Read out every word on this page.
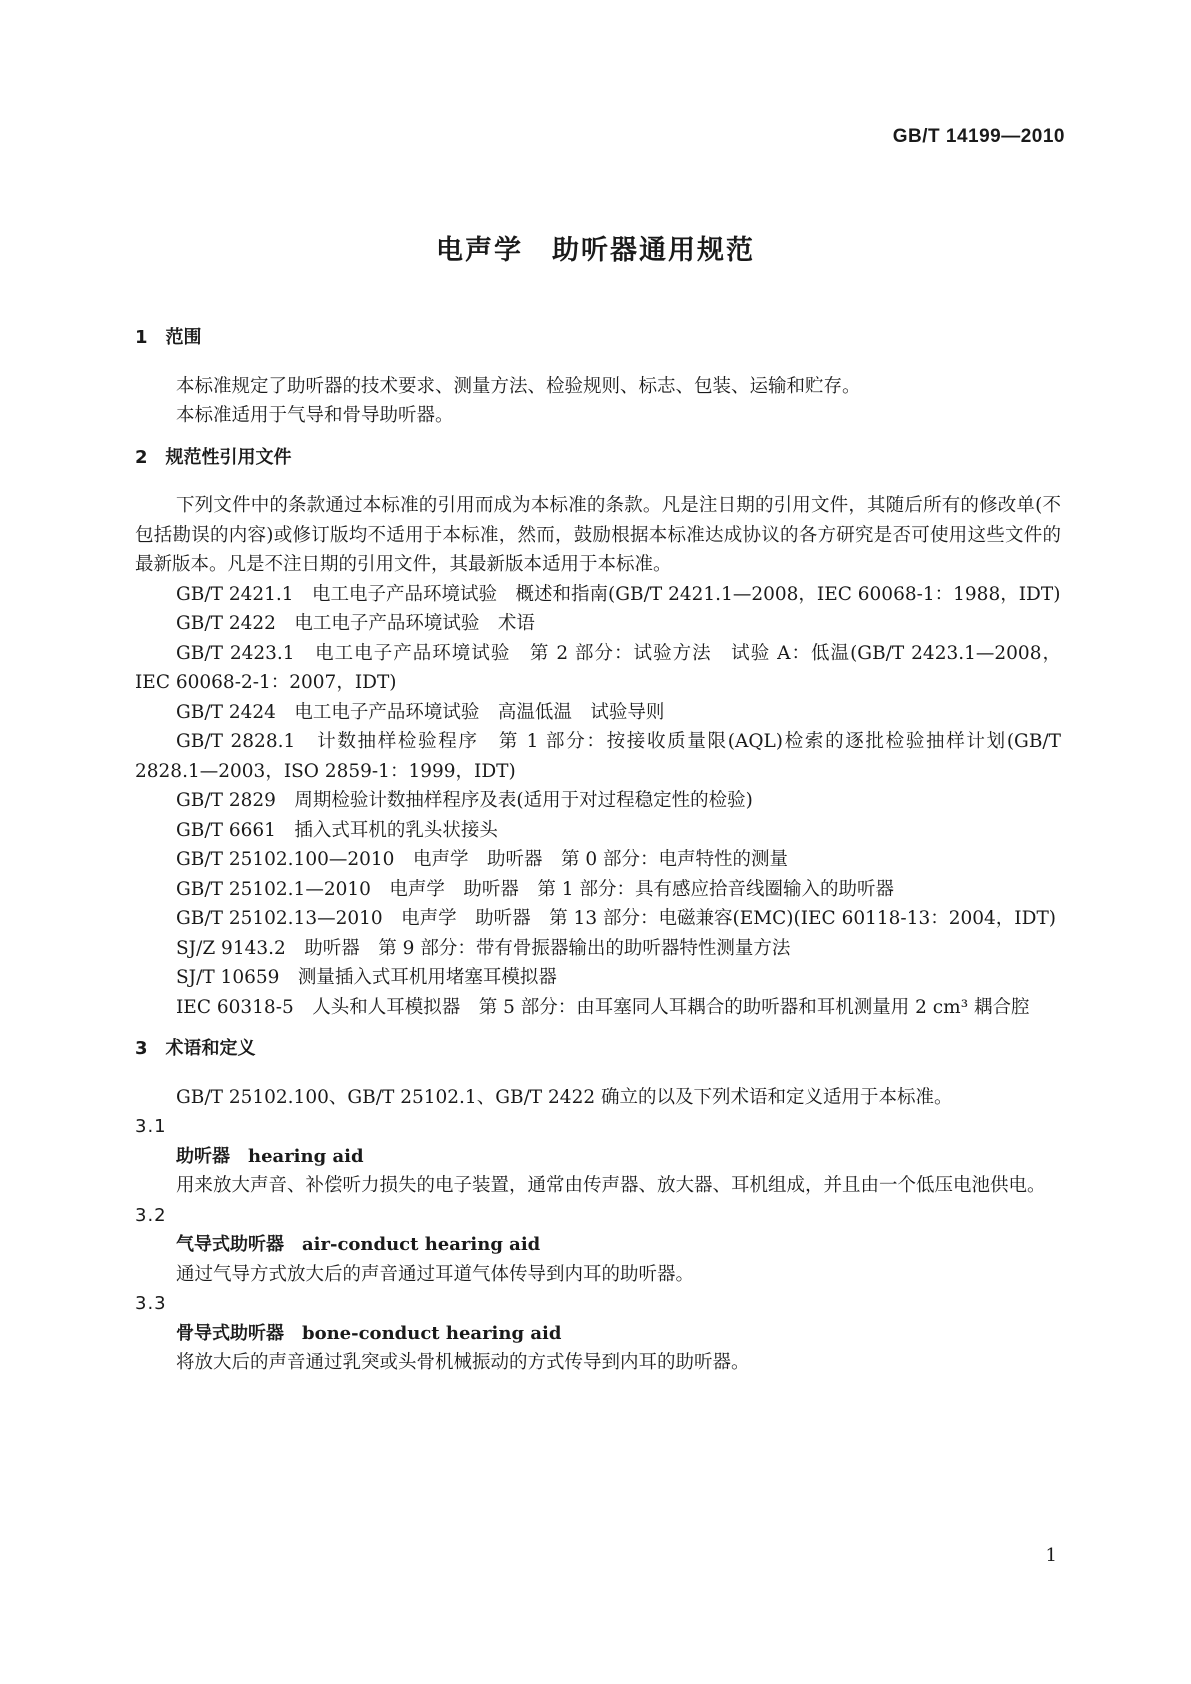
GB/T 14199—2010
电声学　助听器通用规范
1　范围
本标准规定了助听器的技术要求、测量方法、检验规则、标志、包装、运输和贮存。
本标准适用于气导和骨导助听器。
2　规范性引用文件
下列文件中的条款通过本标准的引用而成为本标准的条款。凡是注日期的引用文件，其随后所有的修改单(不包括勘误的内容)或修订版均不适用于本标准，然而，鼓励根据本标准达成协议的各方研究是否可使用这些文件的最新版本。凡是不注日期的引用文件，其最新版本适用于本标准。
GB/T 2421.1　电工电子产品环境试验　概述和指南(GB/T 2421.1—2008，IEC 60068-1：1988，IDT)
GB/T 2422　电工电子产品环境试验　术语
GB/T 2423.1　电工电子产品环境试验　第 2 部分：试验方法　试验 A：低温(GB/T 2423.1—2008，IEC 60068-2-1：2007，IDT)
GB/T 2424　电工电子产品环境试验　高温低温　试验导则
GB/T 2828.1　计数抽样检验程序　第 1 部分：按接收质量限(AQL)检索的逐批检验抽样计划(GB/T 2828.1—2003，ISO 2859-1：1999，IDT)
GB/T 2829　周期检验计数抽样程序及表(适用于对过程稳定性的检验)
GB/T 6661　插入式耳机的乳头状接头
GB/T 25102.100—2010　电声学　助听器　第 0 部分：电声特性的测量
GB/T 25102.1—2010　电声学　助听器　第 1 部分：具有感应拾音线圈输入的助听器
GB/T 25102.13—2010　电声学　助听器　第 13 部分：电磁兼容(EMC)(IEC 60118-13：2004，IDT)
SJ/Z 9143.2　助听器　第 9 部分：带有骨振器输出的助听器特性测量方法
SJ/T 10659　测量插入式耳机用堵塞耳模拟器
IEC 60318-5　人头和人耳模拟器　第 5 部分：由耳塞同人耳耦合的助听器和耳机测量用 2 cm³ 耦合腔
3　术语和定义
GB/T 25102.100、GB/T 25102.1、GB/T 2422 确立的以及下列术语和定义适用于本标准。
3.1
助听器 hearing aid
用来放大声音、补偿听力损失的电子装置，通常由传声器、放大器、耳机组成，并且由一个低压电池供电。
3.2
气导式助听器 air-conduct hearing aid
通过气导方式放大后的声音通过耳道气体传导到内耳的助听器。
3.3
骨导式助听器 bone-conduct hearing aid
将放大后的声音通过乳突或头骨机械振动的方式传导到内耳的助听器。
1
